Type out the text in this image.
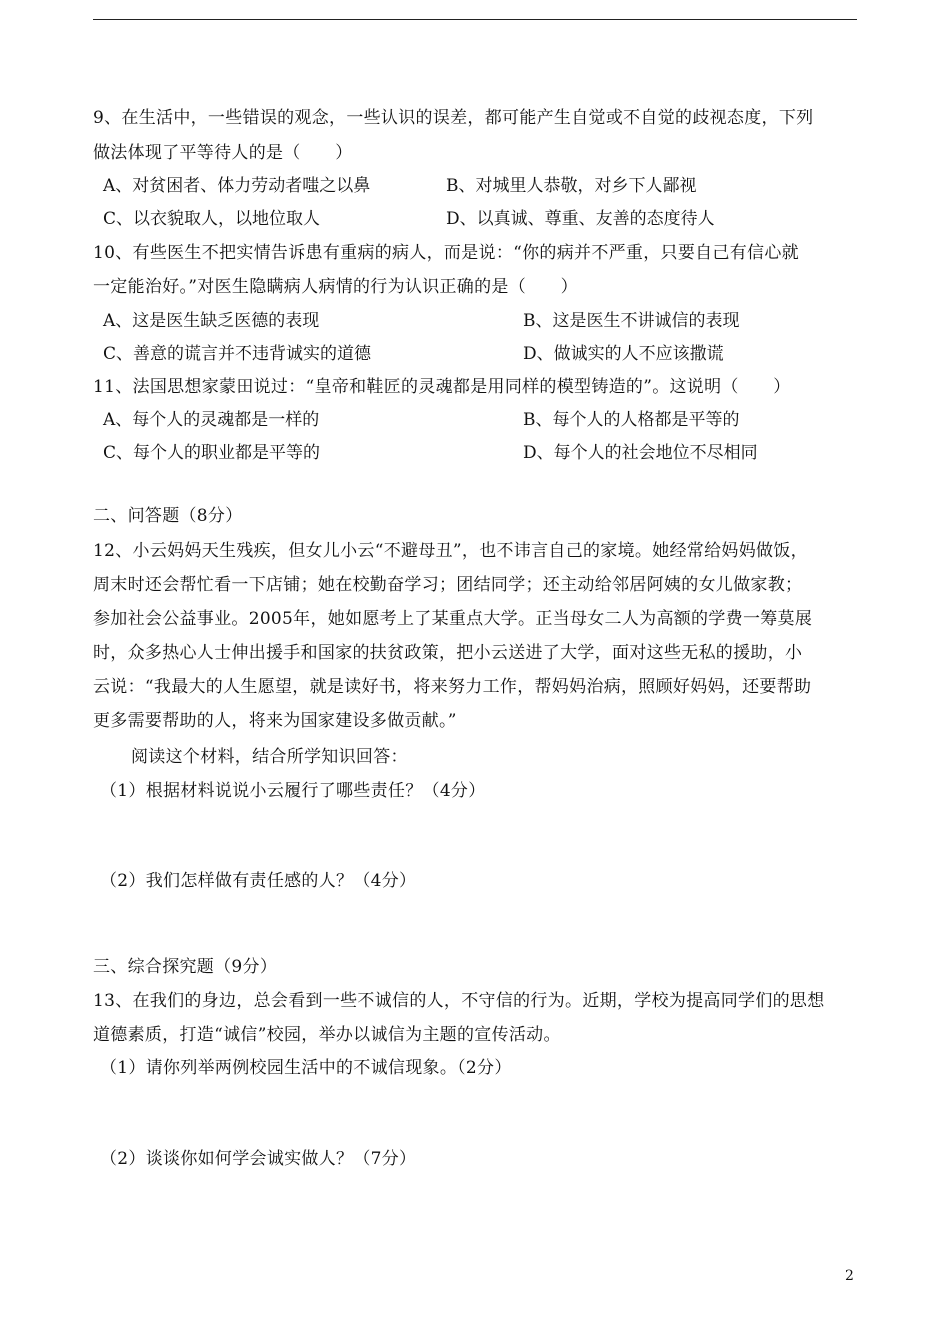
9、在生活中，一些错误的观念，一些认识的误差，都可能产生自觉或不自觉的歧视态度，下列
做法体现了平等待人的是（　　）
A、对贫困者、体力劳动者嗤之以鼻	B、对城里人恭敬，对乡下人鄙视
C、以衣貌取人，以地位取人	D、以真诚、尊重、友善的态度待人
10、有些医生不把实情告诉患有重病的病人，而是说：“你的病并不严重，只要自己有信心就
一定能治好。”对医生隐瞒病人病情的行为认识正确的是（　　）
A、这是医生缺乏医德的表现	B、这是医生不讲诚信的表现
C、善意的谎言并不违背诚实的道德	D、做诚实的人不应该撒谎
11、法国思想家蒙田说过：“皇帝和鞋匠的灵魂都是用同样的模型铸造的”。这说明（　　）
A、每个人的灵魂都是一样的	B、每个人的人格都是平等的
C、每个人的职业都是平等的	D、每个人的社会地位不尽相同
二、问答题（8分）
12、小云妈妈天生残疾，但女儿小云“不避母丑”，也不讳言自己的家境。她经常给妈妈做饭，
周末时还会帮忙看一下店铺；她在校勤奋学习；团结同学；还主动给邻居阿姨的女儿做家教；
参加社会公益事业。2005年，她如愿考上了某重点大学。正当母女二人为高额的学费一筹莫展
时，众多热心人士伸出援手和国家的扶贫政策，把小云送进了大学，面对这些无私的援助，小
云说：“我最大的人生愿望，就是读好书，将来努力工作，帮妈妈治病，照顾好妈妈，还要帮助
更多需要帮助的人，将来为国家建设多做贡献。”
阅读这个材料，结合所学知识回答：
（1）根据材料说说小云履行了哪些责任？（4分）
（2）我们怎样做有责任感的人？（4分）
三、综合探究题（9分）
13、在我们的身边，总会看到一些不诚信的人，不守信的行为。近期，学校为提高同学们的思想
道德素质，打造“诚信”校园，举办以诚信为主题的宣传活动。
（1）请你列举两例校园生活中的不诚信现象。（2分）
（2）谈谈你如何学会诚实做人？（7分）
2
